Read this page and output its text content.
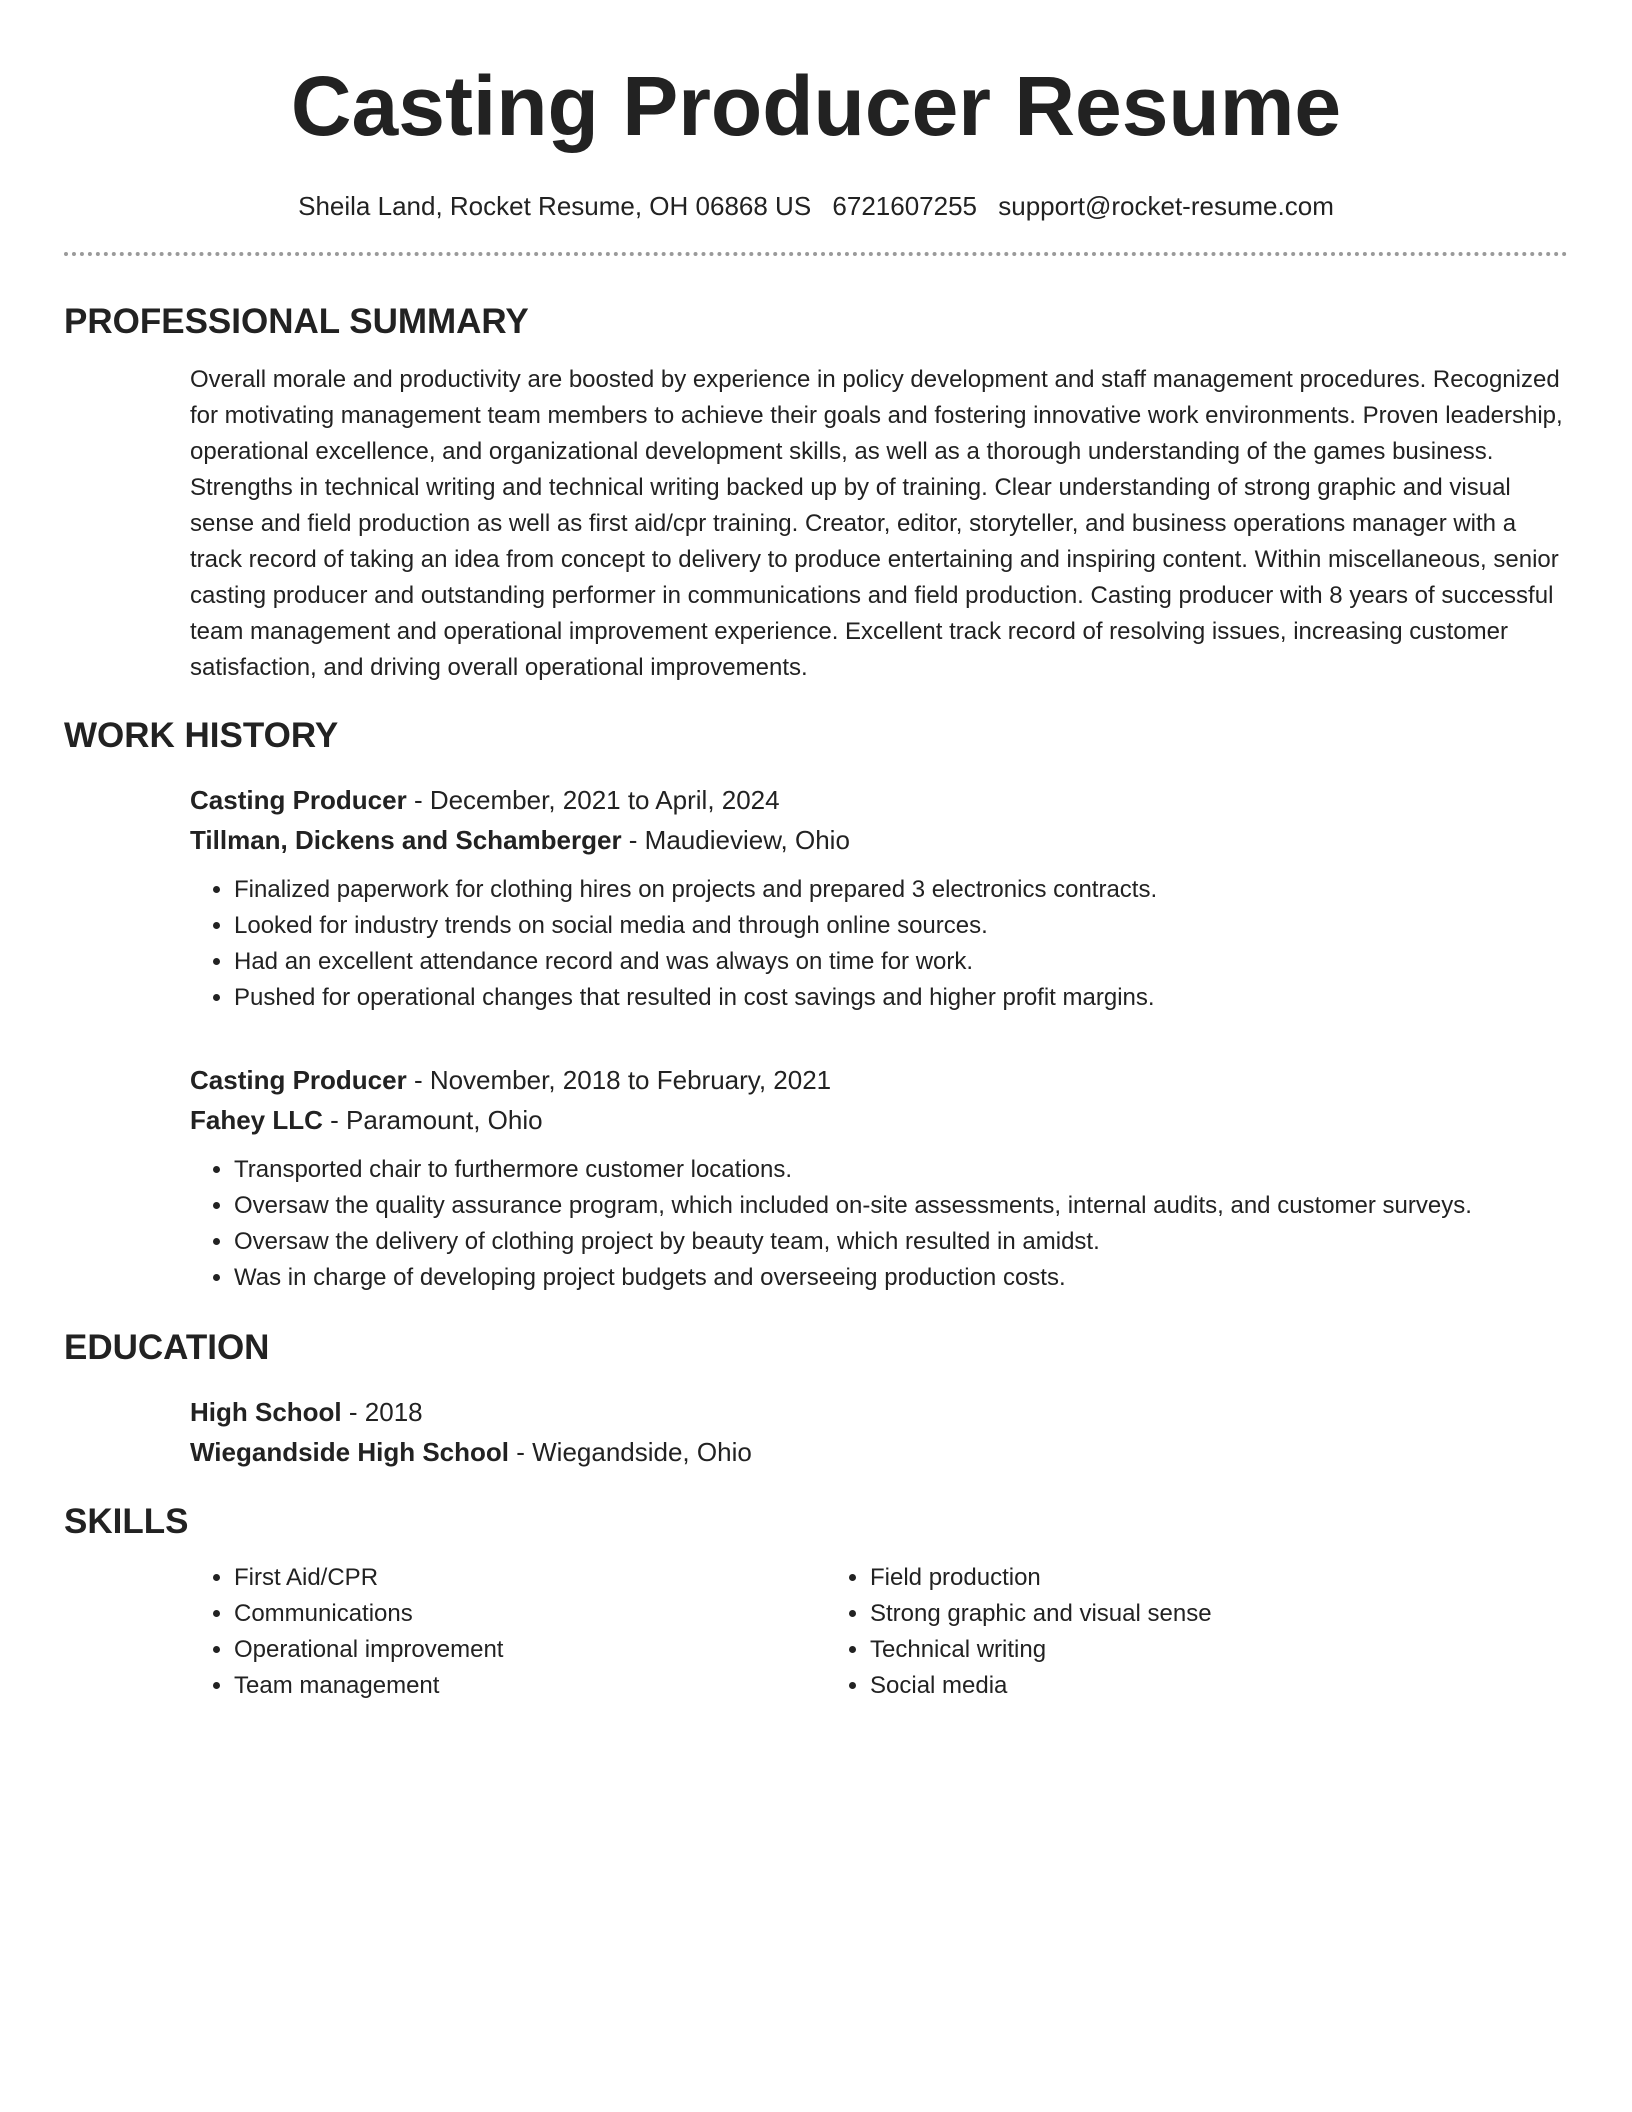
Casting Producer Resume
Sheila Land, Rocket Resume, OH 06868 US 6721607255 support@rocket-resume.com
PROFESSIONAL SUMMARY

Overall morale and productivity are boosted by experience in policy development and staff management procedures. Recognized for motivating management team members to achieve their goals and fostering innovative work environments. Proven leadership, operational excellence, and organizational development skills, as well as a thorough understanding of the games business. Strengths in technical writing and technical writing backed up by of training. Clear understanding of strong graphic and visual sense and field production as well as first aid/cpr training. Creator, editor, storyteller, and business operations manager with a track record of taking an idea from concept to delivery to produce entertaining and inspiring content. Within miscellaneous, senior casting producer and outstanding performer in communications and field production. Casting producer with 8 years of successful team management and operational improvement experience. Excellent track record of resolving issues, increasing customer satisfaction, and driving overall operational improvements.

WORK HISTORY
Casting Producer - December, 2021 to April, 2024
Tillman, Dickens and Schamberger - Maudieview, Ohio
• Finalized paperwork for clothing hires on projects and prepared 3 electronics contracts.
• Looked for industry trends on social media and through online sources.
• Had an excellent attendance record and was always on time for work.
• Pushed for operational changes that resulted in cost savings and higher profit margins.
Casting Producer - November, 2018 to February, 2021
Fahey LLC - Paramount, Ohio
• Transported chair to furthermore customer locations.
• Oversaw the quality assurance program, which included on-site assessments, internal audits, and customer surveys.
• Oversaw the delivery of clothing project by beauty team, which resulted in amidst.
• Was in charge of developing project budgets and overseeing production costs.
EDUCATION
High School - 2018
Wiegandside High School - Wiegandside, Ohio
SKILLS
• First Aid/CPR
• Communications
• Operational improvement
• Team management
• Field production
• Strong graphic and visual sense
• Technical writing
• Social media
